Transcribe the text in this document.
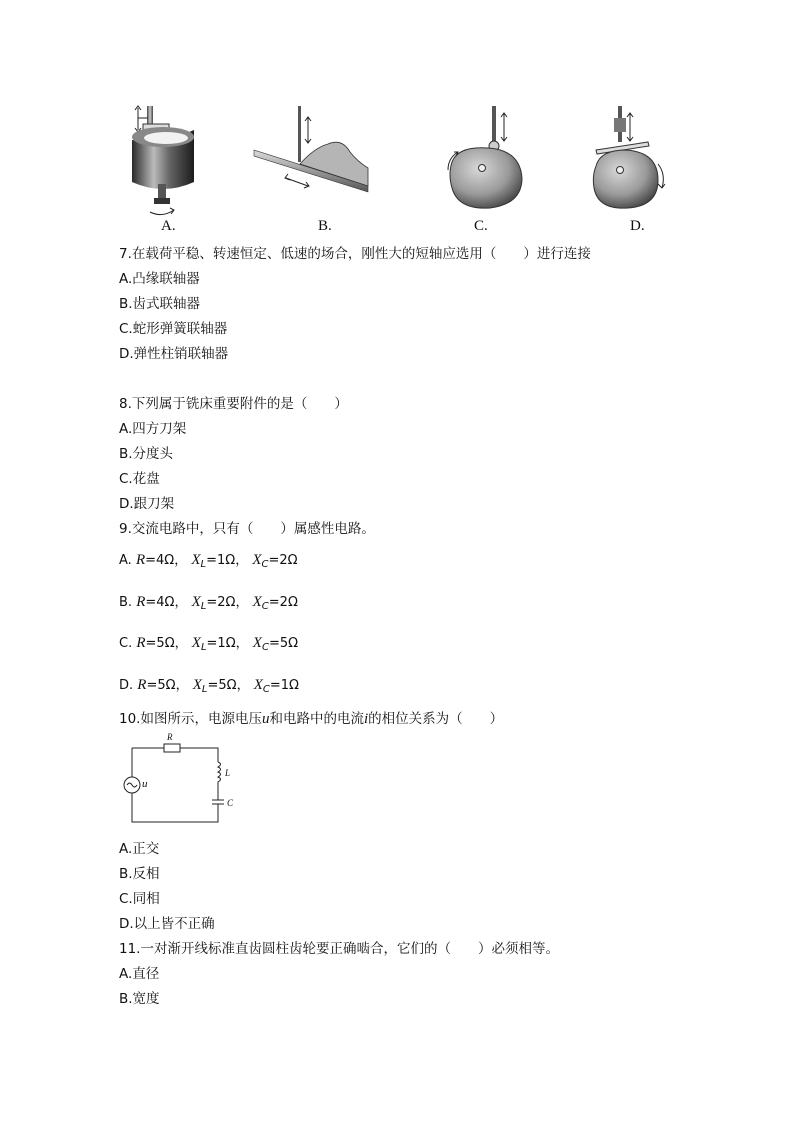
A.	B.	C.	D.
7.在载荷平稳、转速恒定、低速的场合，刚性大的短轴应选用（　　）进行连接
A.凸缘联轴器
B.齿式联轴器
C.蛇形弹簧联轴器
D.弹性柱销联轴器
8.下列属于铣床重要附件的是（　　）
A.四方刀架
B.分度头
C.花盘
D.跟刀架
9.交流电路中，只有（　　）属感性电路。
A. R=4Ω， $X_L=1\Omega$， $X_C=2\Omega$
B. R=4Ω， $X_L=2\Omega$， $X_C=2\Omega$
C. R=5Ω， $X_L=1\Omega$， $X_C=5\Omega$
D. R=5Ω， $X_L=5\Omega$， $X_C=1\Omega$
10.如图所示，电源电压u和电路中的电流i的相位关系为（　　）
R
L
C
u
A.正交
B.反相
C.同相
D.以上皆不正确
11.一对渐开线标准直齿圆柱齿轮要正确啮合，它们的（　　）必须相等。
A.直径
B.宽度
